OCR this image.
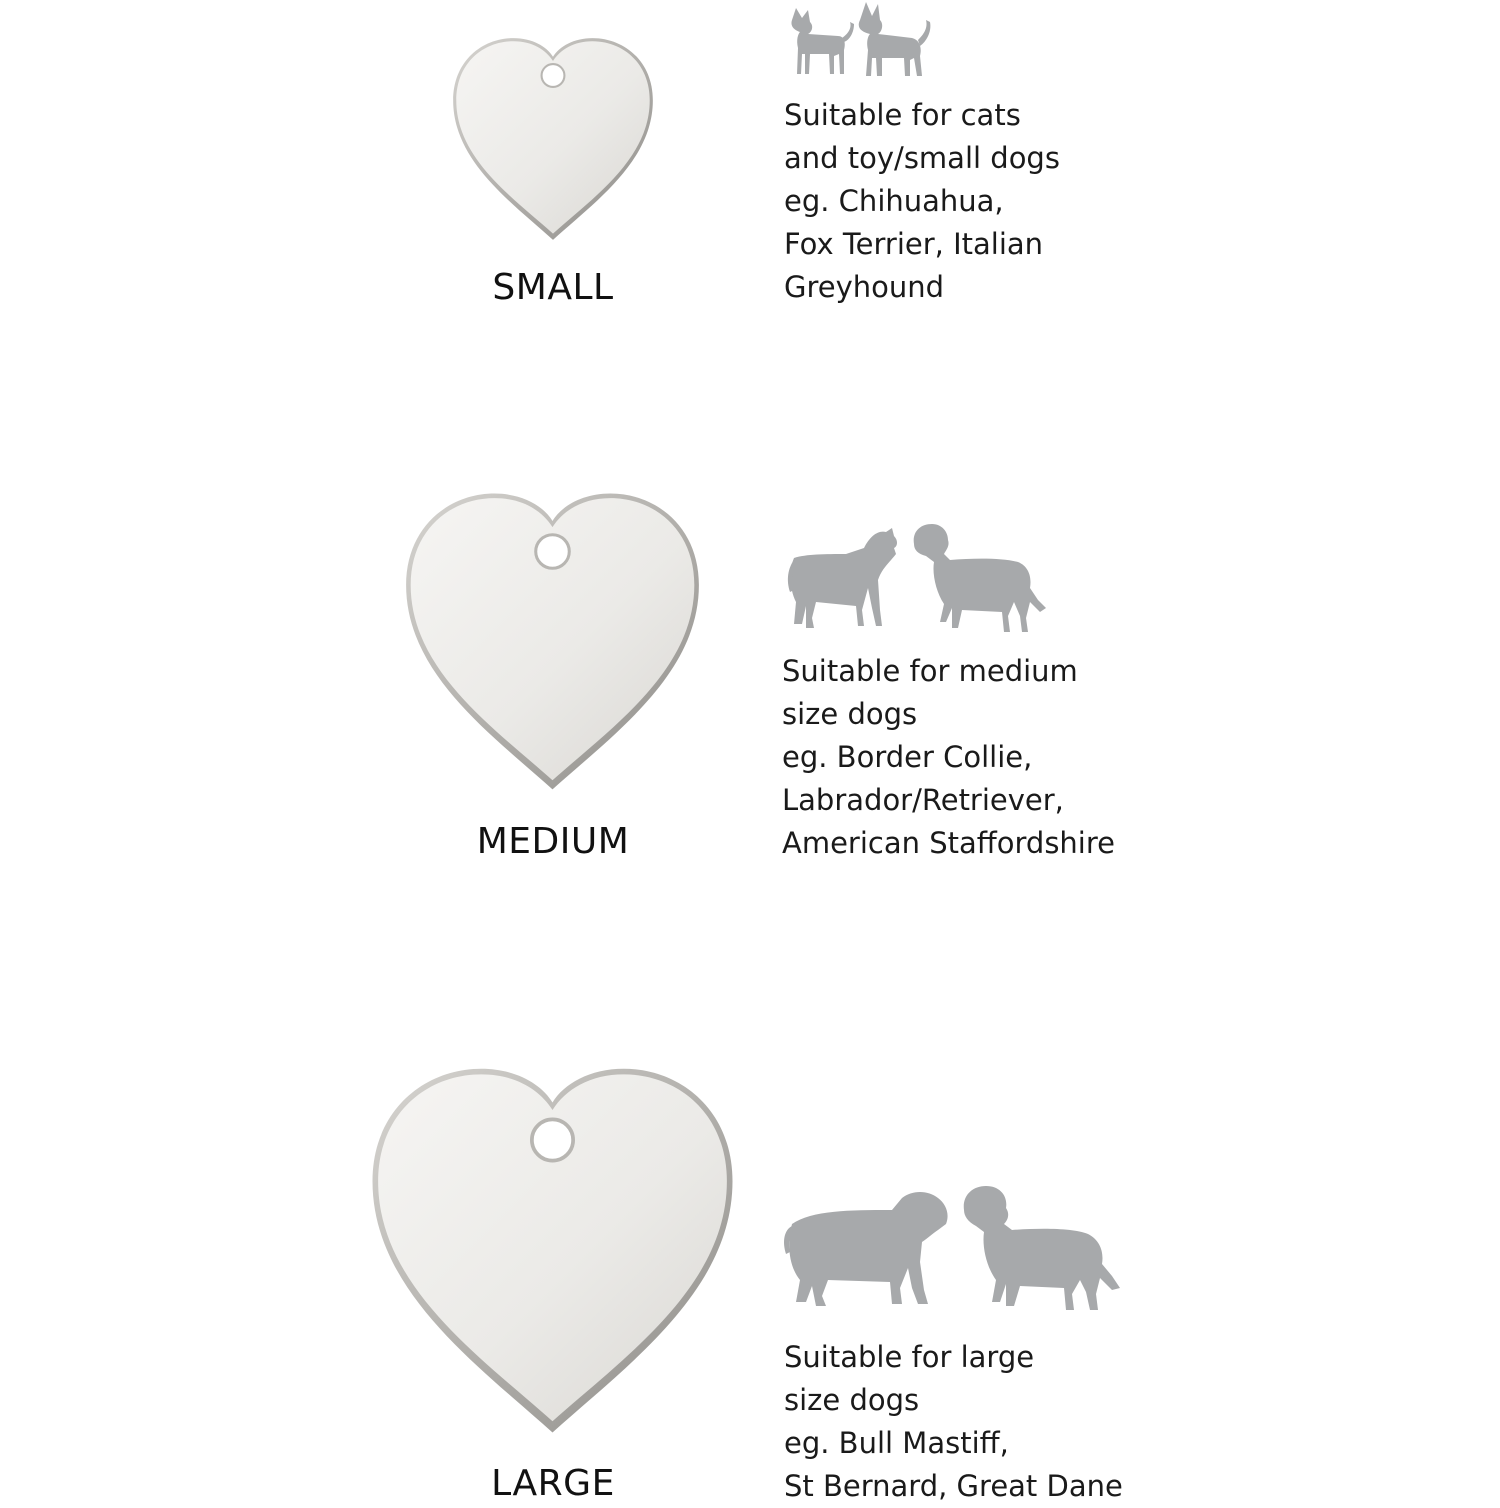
SMALL
Suitable for cats
and toy/small dogs
eg. Chihuahua,
Fox Terrier, Italian
Greyhound
MEDIUM
Suitable for medium
size dogs
eg. Border Collie,
Labrador/Retriever,
American Staffordshire
LARGE
Suitable for large
size dogs
eg. Bull Mastiff,
St Bernard, Great Dane
